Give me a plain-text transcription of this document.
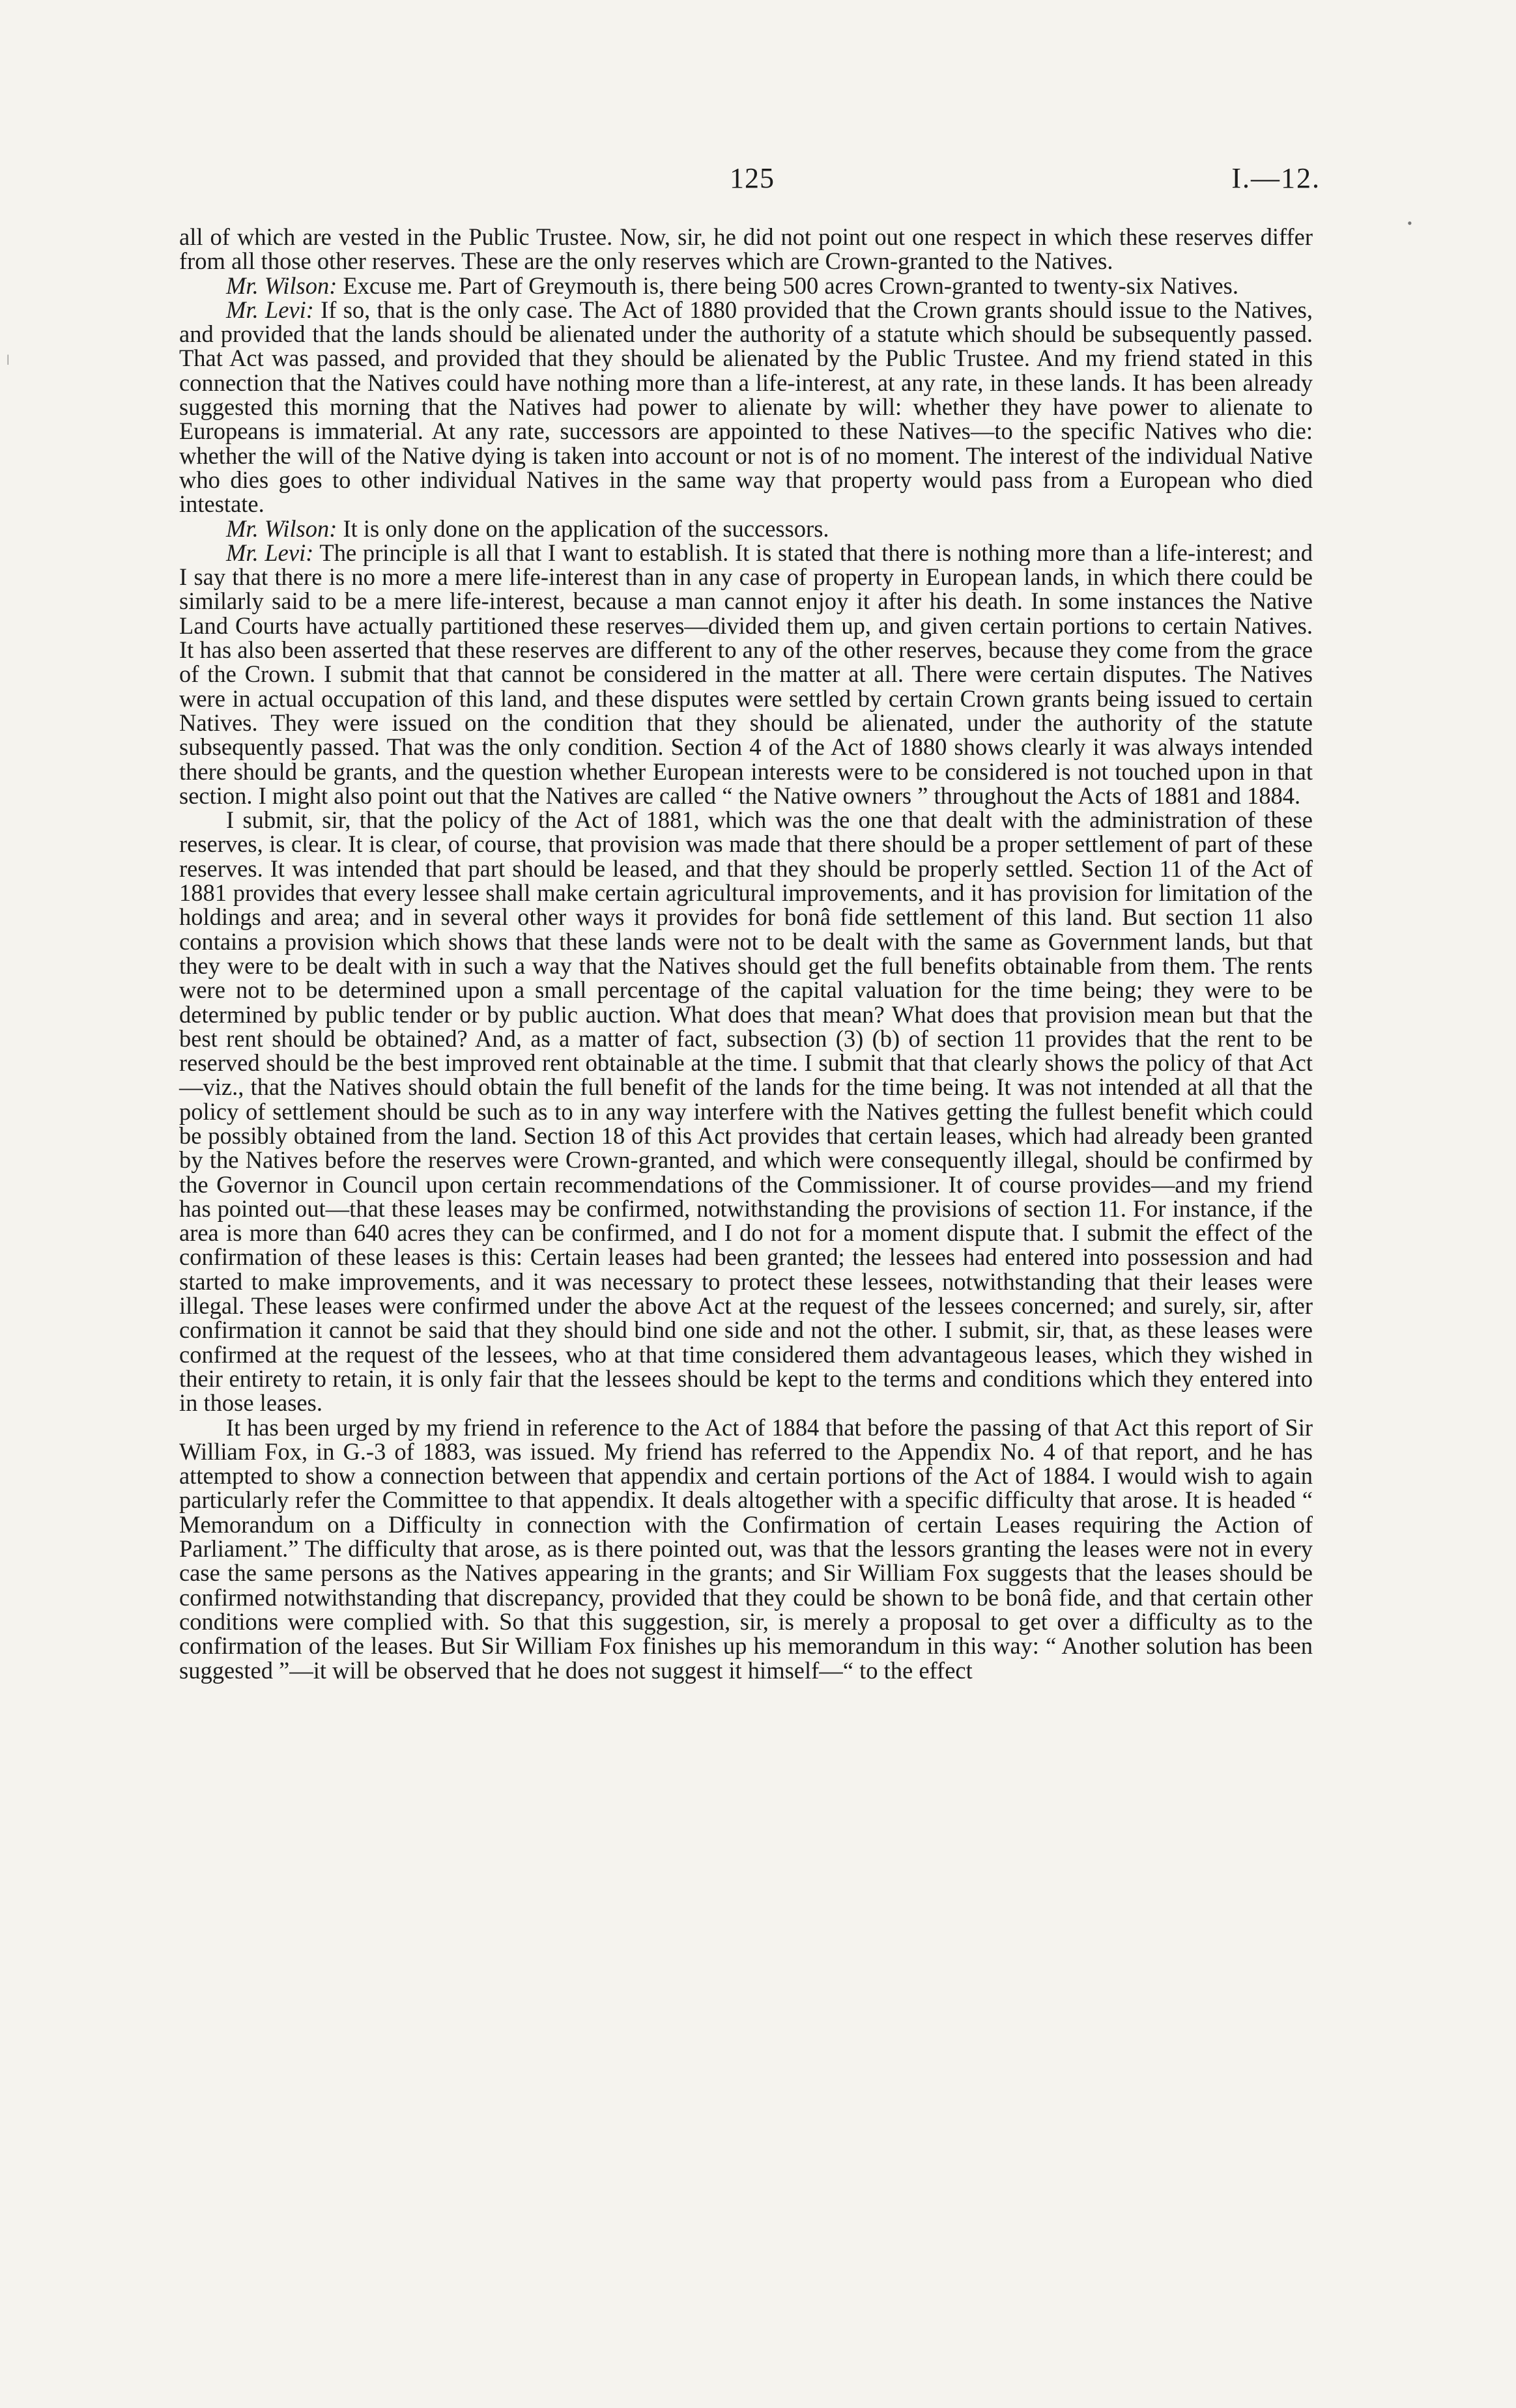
125	I.—12.
•
ǀ

all of which are vested in the Public Trustee. Now, sir, he did not point out one respect in which these reserves differ from all those other reserves. These are the only reserves which are Crown-granted to the Natives.

Mr. Wilson: Excuse me. Part of Greymouth is, there being 500 acres Crown-granted to twenty-six Natives.

Mr. Levi: If so, that is the only case. The Act of 1880 provided that the Crown grants should issue to the Natives, and provided that the lands should be alienated under the authority of a statute which should be subsequently passed. That Act was passed, and provided that they should be alienated by the Public Trustee. And my friend stated in this connection that the Natives could have nothing more than a life-interest, at any rate, in these lands. It has been already suggested this morning that the Natives had power to alienate by will: whether they have power to alienate to Europeans is immaterial. At any rate, successors are appointed to these Natives—to the specific Natives who die: whether the will of the Native dying is taken into account or not is of no moment. The interest of the individual Native who dies goes to other individual Natives in the same way that property would pass from a European who died intestate.

Mr. Wilson: It is only done on the application of the successors.

Mr. Levi: The principle is all that I want to establish. It is stated that there is nothing more than a life-interest; and I say that there is no more a mere life-interest than in any case of property in European lands, in which there could be similarly said to be a mere life-interest, because a man cannot enjoy it after his death. In some instances the Native Land Courts have actually partitioned these reserves—divided them up, and given certain portions to certain Natives. It has also been asserted that these reserves are different to any of the other reserves, because they come from the grace of the Crown. I submit that that cannot be considered in the matter at all. There were certain disputes. The Natives were in actual occupation of this land, and these disputes were settled by certain Crown grants being issued to certain Natives. They were issued on the condition that they should be alienated, under the authority of the statute subsequently passed. That was the only condition. Section 4 of the Act of 1880 shows clearly it was always intended there should be grants, and the question whether European interests were to be considered is not touched upon in that section. I might also point out that the Natives are called “ the Native owners ” throughout the Acts of 1881 and 1884.

I submit, sir, that the policy of the Act of 1881, which was the one that dealt with the administration of these reserves, is clear. It is clear, of course, that provision was made that there should be a proper settlement of part of these reserves. It was intended that part should be leased, and that they should be properly settled. Section 11 of the Act of 1881 provides that every lessee shall make certain agricultural improvements, and it has provision for limitation of the holdings and area; and in several other ways it provides for bonâ fide settlement of this land. But section 11 also contains a provision which shows that these lands were not to be dealt with the same as Government lands, but that they were to be dealt with in such a way that the Natives should get the full benefits obtainable from them. The rents were not to be determined upon a small percentage of the capital valuation for the time being; they were to be determined by public tender or by public auction. What does that mean? What does that provision mean but that the best rent should be obtained? And, as a matter of fact, subsection (3) (b) of section 11 provides that the rent to be reserved should be the best improved rent obtainable at the time. I submit that that clearly shows the policy of that Act—viz., that the Natives should obtain the full benefit of the lands for the time being. It was not intended at all that the policy of settlement should be such as to in any way interfere with the Natives getting the fullest benefit which could be possibly obtained from the land. Section 18 of this Act provides that certain leases, which had already been granted by the Natives before the reserves were Crown-granted, and which were consequently illegal, should be confirmed by the Governor in Council upon certain recommendations of the Commissioner. It of course provides—and my friend has pointed out—that these leases may be confirmed, notwithstanding the provisions of section 11. For instance, if the area is more than 640 acres they can be confirmed, and I do not for a moment dispute that. I submit the effect of the confirmation of these leases is this: Certain leases had been granted; the lessees had entered into possession and had started to make improvements, and it was necessary to protect these lessees, notwithstanding that their leases were illegal. These leases were confirmed under the above Act at the request of the lessees concerned; and surely, sir, after confirmation it cannot be said that they should bind one side and not the other. I submit, sir, that, as these leases were confirmed at the request of the lessees, who at that time considered them advantageous leases, which they wished in their entirety to retain, it is only fair that the lessees should be kept to the terms and conditions which they entered into in those leases.

It has been urged by my friend in reference to the Act of 1884 that before the passing of that Act this report of Sir William Fox, in G.-3 of 1883, was issued. My friend has referred to the Appendix No. 4 of that report, and he has attempted to show a connection between that appendix and certain portions of the Act of 1884. I would wish to again particularly refer the Committee to that appendix. It deals altogether with a specific difficulty that arose. It is headed “ Memorandum on a Difficulty in connection with the Confirmation of certain Leases requiring the Action of Parliament.” The difficulty that arose, as is there pointed out, was that the lessors granting the leases were not in every case the same persons as the Natives appearing in the grants; and Sir William Fox suggests that the leases should be confirmed notwithstanding that discrepancy, provided that they could be shown to be bonâ fide, and that certain other conditions were complied with. So that this suggestion, sir, is merely a proposal to get over a difficulty as to the confirmation of the leases. But Sir William Fox finishes up his memorandum in this way: “ Another solution has been suggested ”—it will be observed that he does not suggest it himself—“ to the effect
